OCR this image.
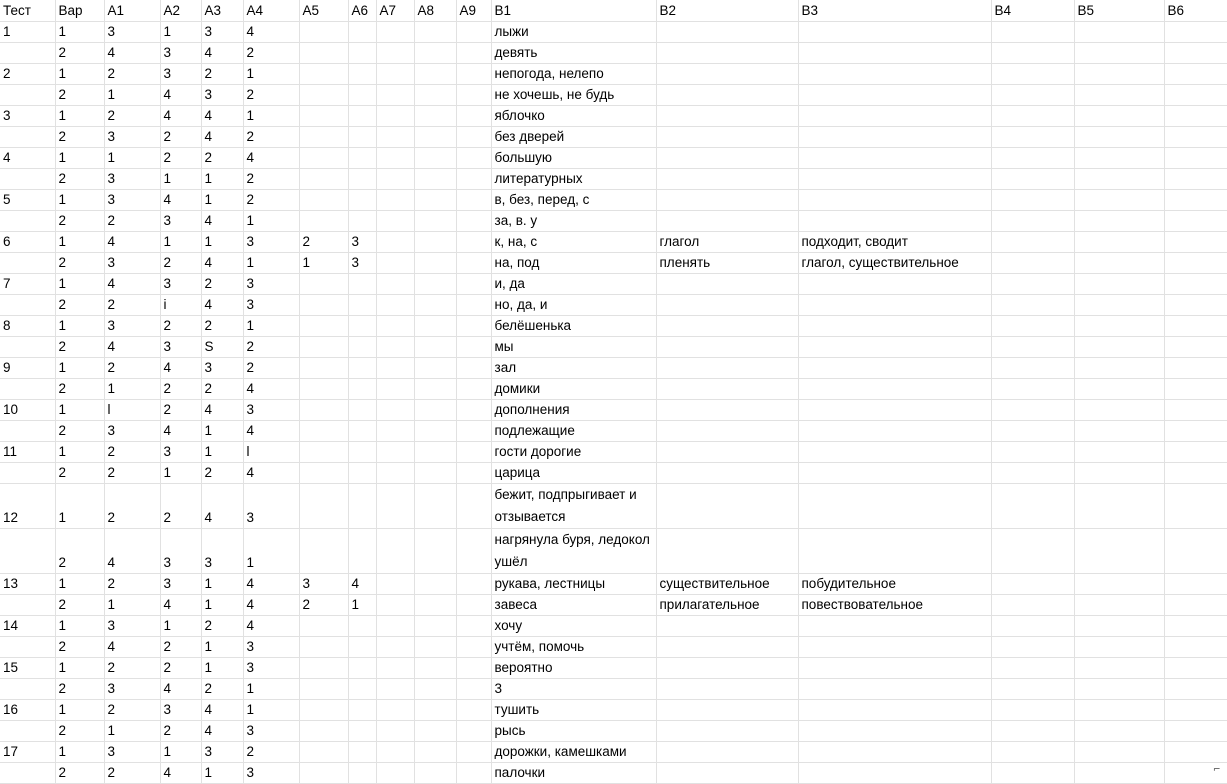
Тест	Вар	A1	A2	A3	A4	A5	A6	A7	A8	A9		B1	B2	B3	B4	B5	B6
1	1	3	1	3	4							лыжи					
	2	4	3	4	2							девять					
2	1	2	3	2	1							непогода, нелепо					
	2	1	4	3	2							не хочешь, не будь					
3	1	2	4	4	1							яблочко					
	2	3	2	4	2							без дверей					
4	1	1	2	2	4							большую					
	2	3	1	1	2							литературных					
5	1	3	4	1	2							в, без, перед, с					
	2	2	3	4	1							за, в. у					
6	1	4	1	1	3	2	3					к, на, с	глагол	подходит, сводит			
	2	3	2	4	1	1	3					на, под	пленять	глагол, существительное			
7	1	4	3	2	3							и, да					
	2	2	i	4	3							но, да, и					
8	1	3	2	2	1							белёшенька					
	2	4	3	S	2							мы					
9	1	2	4	3	2							зал					
	2	1	2	2	4							домики					
10	1	l	2	4	3							дополнения					
	2	3	4	1	4							подлежащие					
11	1	2	3	1	l							гости дорогие					
	2	2	1	2	4							царица					
12	1	2	2	4	3							бежит, подпрыгивает и отзывается					
	2	4	3	3	1							нагрянула буря, ледокол ушёл					
13	1	2	3	1	4	3	4					рукава, лестницы	существительное	побудительное			
	2	1	4	1	4	2	1					завеса	прилагательное	повествовательное			
14	1	3	1	2	4							хочу					
	2	4	2	1	3							учтём, помочь					
15	1	2	2	1	3							вероятно					
	2	3	4	2	1							3					
16	1	2	3	4	1							тушить					
	2	1	2	4	3							рысь					
17	1	3	1	3	2							дорожки, камешками					
	2	2	4	1	3							палочки						⌐
